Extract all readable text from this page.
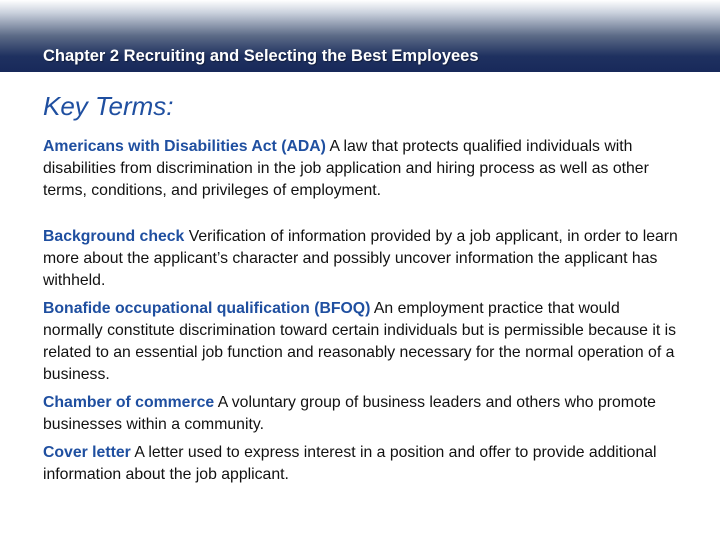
Chapter 2 Recruiting and Selecting the Best Employees
Key Terms:
Americans with Disabilities Act (ADA) A law that protects qualified individuals with disabilities from discrimination in the job application and hiring process as well as other terms, conditions, and privileges of employment.
Background check Verification of information provided by a job applicant, in order to learn more about the applicant’s character and possibly uncover information the applicant has withheld.
Bonafide occupational qualification (BFOQ) An employment practice that would normally constitute discrimination toward certain individuals but is permissible because it is related to an essential job function and reasonably necessary for the normal operation of a business.
Chamber of commerce A voluntary group of business leaders and others who promote businesses within a community.
Cover letter A letter used to express interest in a position and offer to provide additional information about the job applicant.
